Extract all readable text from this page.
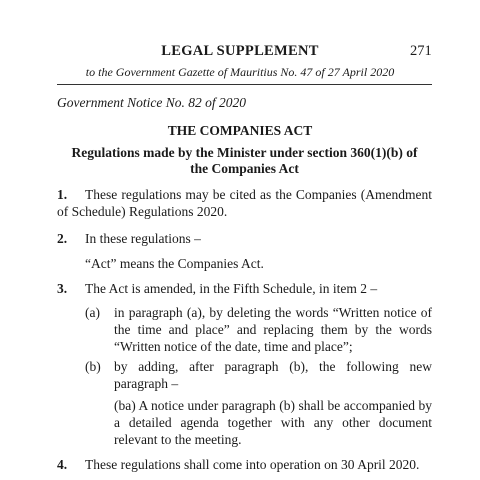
LEGAL SUPPLEMENT	271
to the Government Gazette of Mauritius No. 47 of 27 April 2020
Government Notice No. 82 of 2020
THE COMPANIES ACT
Regulations made by the Minister under section 360(1)(b) of
the Companies Act
1.	These regulations may be cited as the Companies (Amendment of Schedule) Regulations 2020.
2. In these regulations –
“Act” means the Companies Act.
3. The Act is amended, in the Fifth Schedule, in item 2 –
(a) in paragraph (a), by deleting the words “Written notice of the time and place” and replacing them by the words “Written notice of the date, time and place”;
(b) by adding, after paragraph (b), the following new paragraph –
(ba) A notice under paragraph (b) shall be accompanied by a detailed agenda together with any other document relevant to the meeting.
4. These regulations shall come into operation on 30 April 2020.
